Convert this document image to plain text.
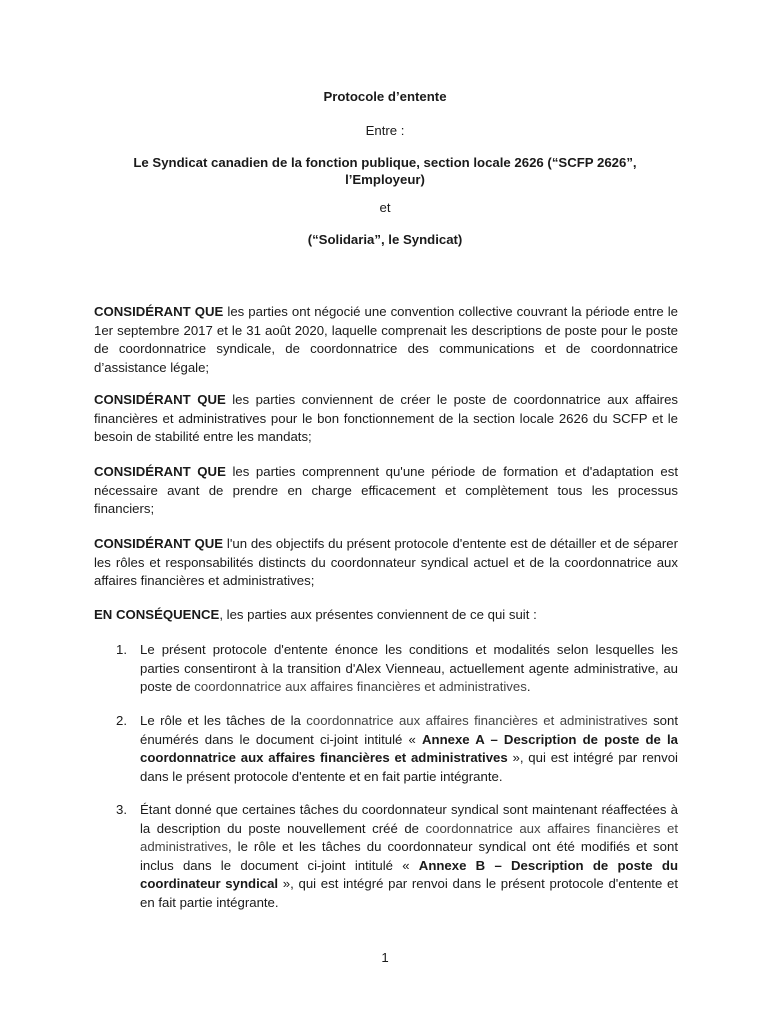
Protocole d’entente
Entre :
Le Syndicat canadien de la fonction publique, section locale 2626 (“SCFP 2626”,
l’Employeur)
et
(“Solidaria”, le Syndicat)

CONSIDÉRANT QUE les parties ont négocié une convention collective couvrant la période entre le 1er septembre 2017 et le 31 août 2020, laquelle comprenait les descriptions de poste pour le poste de coordonnatrice syndicale, de coordonnatrice des communications et de coordonnatrice d’assistance légale;

CONSIDÉRANT QUE les parties conviennent de créer le poste de coordonnatrice aux affaires financières et administratives pour le bon fonctionnement de la section locale 2626 du SCFP et le besoin de stabilité entre les mandats;

CONSIDÉRANT QUE les parties comprennent qu'une période de formation et d'adaptation est nécessaire avant de prendre en charge efficacement et complètement tous les processus financiers;

CONSIDÉRANT QUE l'un des objectifs du présent protocole d'entente est de détailler et de séparer les rôles et responsabilités distincts du coordonnateur syndical actuel et de la coordonnatrice aux affaires financières et administratives;

EN CONSÉQUENCE, les parties aux présentes conviennent de ce qui suit :

1. Le présent protocole d'entente énonce les conditions et modalités selon lesquelles les parties consentiront à la transition d'Alex Vienneau, actuellement agente administrative, au poste de coordonnatrice aux affaires financières et administratives.

2. Le rôle et les tâches de la coordonnatrice aux affaires financières et administratives sont énumérés dans le document ci-joint intitulé « Annexe A – Description de poste de la coordonnatrice aux affaires financières et administratives », qui est intégré par renvoi dans le présent protocole d'entente et en fait partie intégrante.

3. Étant donné que certaines tâches du coordonnateur syndical sont maintenant réaffectées à la description du poste nouvellement créé de coordonnatrice aux affaires financières et administratives, le rôle et les tâches du coordonnateur syndical ont été modifiés et sont inclus dans le document ci-joint intitulé « Annexe B – Description de poste du coordinateur syndical », qui est intégré par renvoi dans le présent protocole d'entente et en fait partie intégrante.

1
